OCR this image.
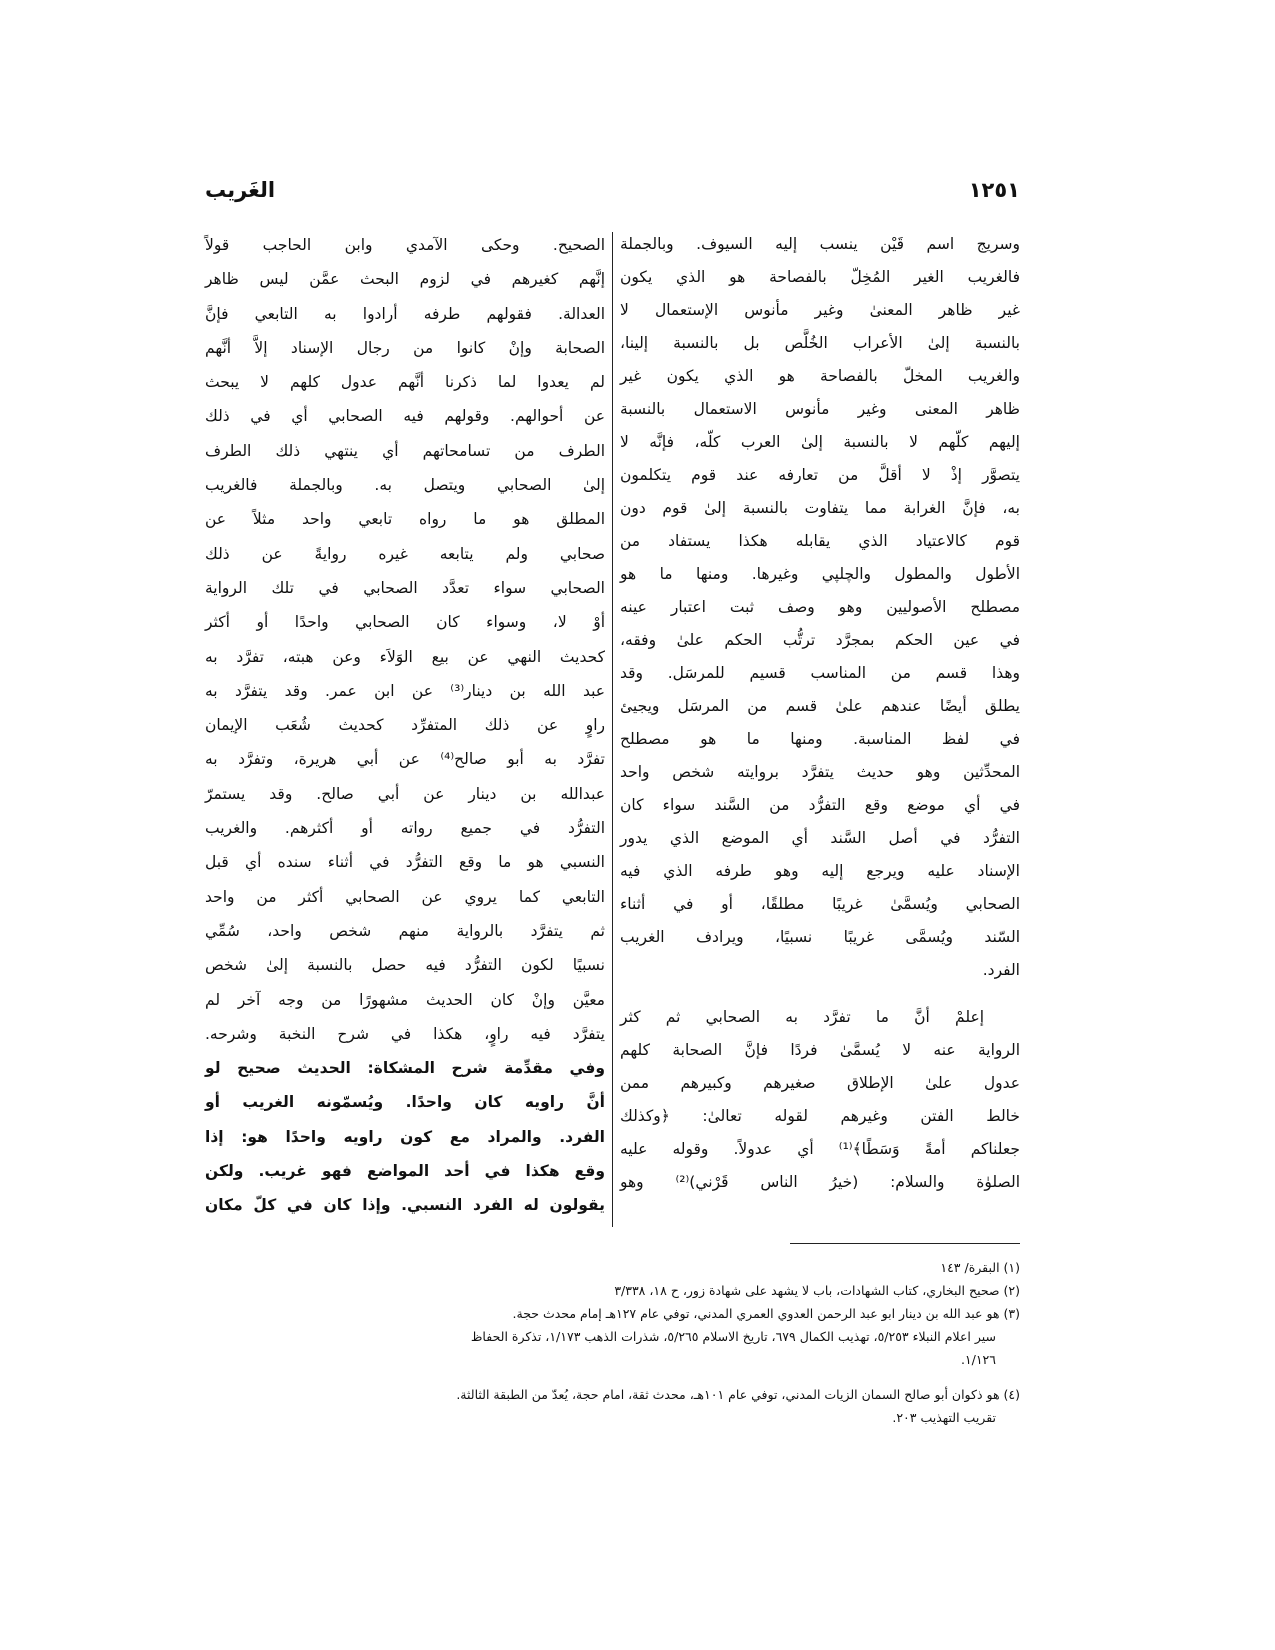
١٢٥١
الغَريب
وسريج اسم قَيْن ينسب إليه السيوف. وبالجملة
فالغريب الغير المُخِلّ بالفصاحة هو الذي يكون
غير ظاهر المعنىٰ وغير مأنوس الإستعمال لا
بالنسبة إلىٰ الأعراب الخُلَّص بل بالنسبة إلينا،
والغريب المخلّ بالفصاحة هو الذي يكون غير
ظاهر المعنى وغير مأنوس الاستعمال بالنسبة
إليهم كلّهم لا بالنسبة إلىٰ العرب كلّه، فإنَّه لا
يتصوَّر إذْ لا أقلَّ من تعارفه عند قوم يتكلمون
به، فإنَّ الغرابة مما يتفاوت بالنسبة إلىٰ قوم دون
قوم كالاعتياد الذي يقابله هكذا يستفاد من
الأطول والمطول والچلپي وغيرها. ومنها ما هو
مصطلح الأصوليين وهو وصف ثبت اعتبار عينه
في عين الحكم بمجرَّد ترتُّب الحكم علىٰ وفقه،
وهذا قسم من المناسب قسيم للمرسَل. وقد
يطلق أيضًا عندهم علىٰ قسم من المرسَل ويجيئ
في لفظ المناسبة. ومنها ما هو مصطلح
المحدِّثين وهو حديث يتفرَّد بروايته شخص واحد
في أي موضع وقع التفرُّد من السَّند سواء كان
التفرُّد في أصل السَّند أي الموضع الذي يدور
الإسناد عليه ويرجع إليه وهو طرفه الذي فيه
الصحابي ويُسمَّىٰ غريبًا مطلقًا، أو في أثناء
السّند ويُسمَّى غريبًا نسبيًا، ويرادف الغريب
الفرد.
إعلمْ أنَّ ما تفرَّد به الصحابي ثم كثر
الرواية عنه لا يُسمَّىٰ فردًا فإنَّ الصحابة كلهم
عدول علىٰ الإطلاق صغيرهم وكبيرهم ممن
خالط الفتن وغيرهم لقوله تعالىٰ: ﴿وكذلك
جعلناكم أمةً وَسَطًا﴾⁽¹⁾ أي عدولاً. وقوله عليه
الصلوٰة والسلام: (خيرُ الناس قَرْني)⁽²⁾ وهو
الصحيح. وحكى الآمدي وابن الحاجب قولاً
إنَّهم كغيرهم في لزوم البحث عمَّن ليس ظاهر
العدالة. فقولهم طرفه أرادوا به التابعي فإنَّ
الصحابة وإنْ كانوا من رجال الإسناد إلاَّ أنَّهم
لم يعدوا لما ذكرنا أنَّهم عدول كلهم لا يبحث
عن أحوالهم. وقولهم فيه الصحابي أي في ذلك
الطرف من تسامحاتهم أي ينتهي ذلك الطرف
إلىٰ الصحابي ويتصل به. وبالجملة فالغريب
المطلق هو ما رواه تابعي واحد مثلاً عن
صحابي ولم يتابعه غيره روايةً عن ذلك
الصحابي سواء تعدَّد الصحابي في تلك الرواية
أوْ لا، وسواء كان الصحابي واحدًا أو أكثر
كحديث النهي عن بيع الوَلاَء وعن هبته، تفرَّد به
عبد الله بن دينار⁽³⁾ عن ابن عمر. وقد يتفرَّد به
راوٍ عن ذلك المتفرِّد كحديث شُعَب الإيمان
تفرَّد به أبو صالح⁽⁴⁾ عن أبي هريرة، وتفرَّد به
عبدالله بن دينار عن أبي صالح. وقد يستمرّ
التفرُّد في جميع رواته أو أكثرهم. والغريب
النسبي هو ما وقع التفرُّد في أثناء سنده أي قبل
التابعي كما يروي عن الصحابي أكثر من واحد
ثم يتفرَّد بالرواية منهم شخص واحد، سُمِّي
نسبيًا لكون التفرُّد فيه حصل بالنسبة إلىٰ شخص
معيَّن وإنْ كان الحديث مشهورًا من وجه آخر لم
يتفرَّد فيه راوٍ، هكذا في شرح النخبة وشرحه.
وفي مقدِّمة شرح المشكاة: الحديث صحيح لو
أنَّ راويه كان واحدًا. ويُسمّونه الغريب أو
الفرد. والمراد مع كون راويه واحدًا هو: إذا
وقع هكذا في أحد المواضع فهو غريب. ولكن
يقولون له الفرد النسبي. وإذا كان في كلّ مكان
(١) البقرة/ ١٤٣
(٢) صحيح البخاري، كتاب الشهادات، باب لا يشهد على شهادة زور، ح ١٨، ٣/٣٣٨
(٣) هو عبد الله بن دينار ابو عبد الرحمن العدوي العمري المدني، توفي عام ١٢٧هـ إمام محدث حجة.
سير اعلام النبلاء ٥/٢٥٣، تهذيب الكمال ٦٧٩، تاريخ الاسلام ٥/٢٦٥، شذرات الذهب ١/١٧٣، تذكرة الحفاظ
١/١٢٦.
(٤) هو ذكوان أبو صالح السمان الزيات المدني، توفي عام ١٠١هـ، محدث ثقة، امام حجة، يُعدّ من الطبقة الثالثة.
تقريب التهذيب ٢٠٣.
